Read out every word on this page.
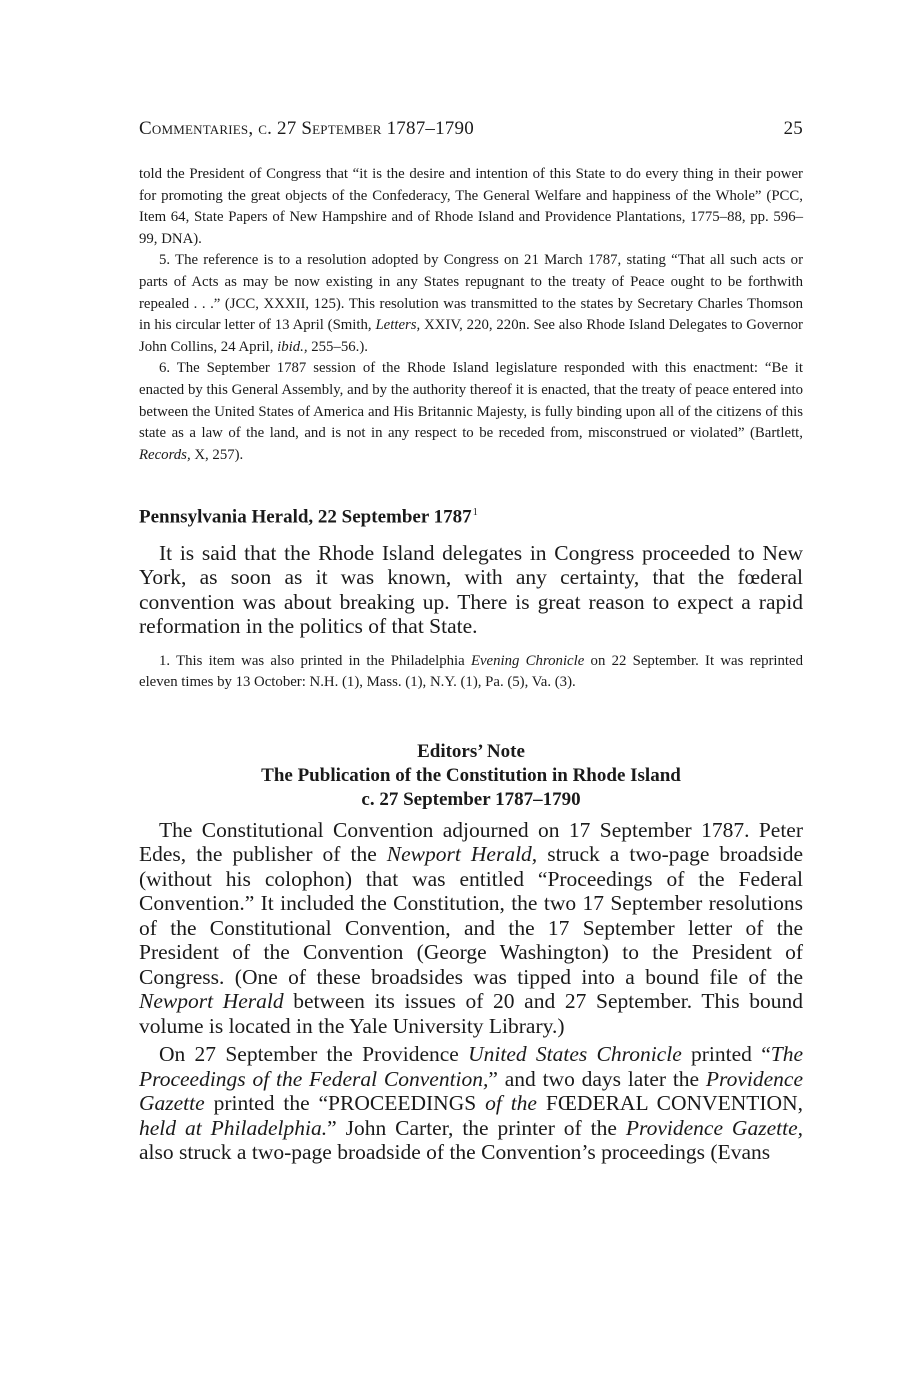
Commentaries, c. 27 September 1787–1790	25

told the President of Congress that “it is the desire and intention of this State to do every thing in their power for promoting the great objects of the Confederacy, The General Welfare and happiness of the Whole” (PCC, Item 64, State Papers of New Hampshire and of Rhode Island and Providence Plantations, 1775–88, pp. 596–99, DNA).

5. The reference is to a resolution adopted by Congress on 21 March 1787, stating “That all such acts or parts of Acts as may be now existing in any States repugnant to the treaty of Peace ought to be forthwith repealed . . .” (JCC, XXXII, 125). This resolution was transmitted to the states by Secretary Charles Thomson in his circular letter of 13 April (Smith, Letters, XXIV, 220, 220n. See also Rhode Island Delegates to Governor John Collins, 24 April, ibid., 255–56.).

6. The September 1787 session of the Rhode Island legislature responded with this enactment: “Be it enacted by this General Assembly, and by the authority thereof it is enacted, that the treaty of peace entered into between the United States of America and His Britannic Majesty, is fully binding upon all of the citizens of this state as a law of the land, and is not in any respect to be receded from, misconstrued or violated” (Bartlett, Records, X, 257).

Pennsylvania Herald, 22 September 1787$^1$

It is said that the Rhode Island delegates in Congress proceeded to New York, as soon as it was known, with any certainty, that the fœderal convention was about breaking up. There is great reason to expect a rapid reformation in the politics of that State.

1. This item was also printed in the Philadelphia Evening Chronicle on 22 September. It was reprinted eleven times by 13 October: N.H. (1), Mass. (1), N.Y. (1), Pa. (5), Va. (3).

Editors’ Note
The Publication of the Constitution in Rhode Island
c. 27 September 1787–1790

The Constitutional Convention adjourned on 17 September 1787. Peter Edes, the publisher of the Newport Herald, struck a two-page broadside (without his colophon) that was entitled “Proceedings of the Federal Convention.” It included the Constitution, the two 17 September resolutions of the Constitutional Convention, and the 17 September letter of the President of the Convention (George Washington) to the President of Congress. (One of these broadsides was tipped into a bound file of the Newport Herald between its issues of 20 and 27 September. This bound volume is located in the Yale University Library.)

On 27 September the Providence United States Chronicle printed “The Proceedings of the Federal Convention,” and two days later the Providence Gazette printed the “PROCEEDINGS of the FŒDERAL CONVENTION, held at Philadelphia.” John Carter, the printer of the Providence Gazette, also struck a two-page broadside of the Convention’s proceedings (Evans
